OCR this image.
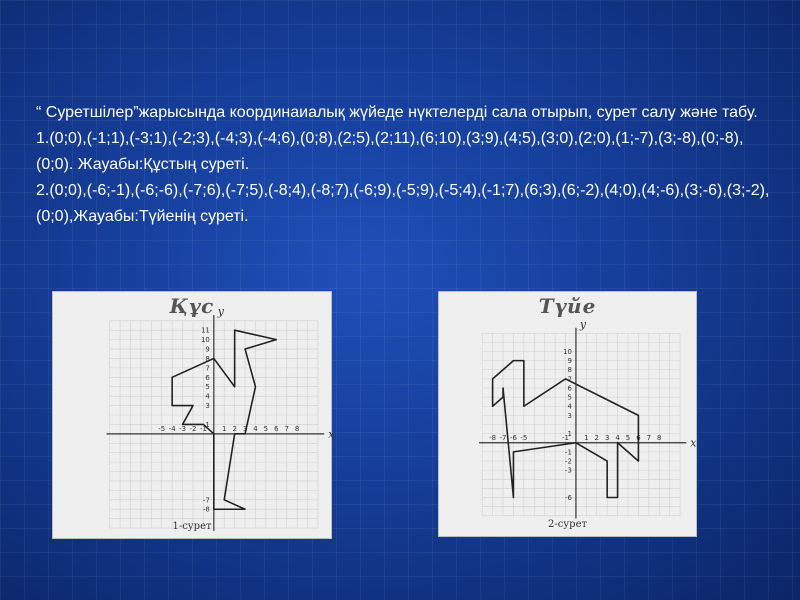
“ Суретшілер”жарысында координаиалық жүйеде нүктелерді сала отырып, сурет салу және табу.

1.(0;0),(-1;1),(-3;1),(-2;3),(-4;3),(-4;6),(0;8),(2;5),(2;11),(6;10),(3;9),(4;5),(3;0),(2;0),(1;-7),(3;-8),(0;-8),(0;0). Жауабы:Құстың суреті.

2.(0;0),(-6;-1),(-6;-6),(-7;6),(-7;5),(-8;4),(-8;7),(-6;9),(-5;9),(-5;4),(-1;7),(6;3),(6;-2),(4;0),(4;-6),(3;-6),(3;-2),(0;0),Жауабы:Түйенің суреті.

x
y
-5 -4 -3 -2 -1 1 2 3 4 5 6 7 8
1
3
4
5
6
7
8
9
10
11
-7
-8
Құс
1-сурет
x
y
-8 -7 -6 -5	-1 1 2 3 4 5 6 7 8
1
3
4
5
6
7
8
9
10
-1
-2
-3
-6
Түйе
2-сурет
